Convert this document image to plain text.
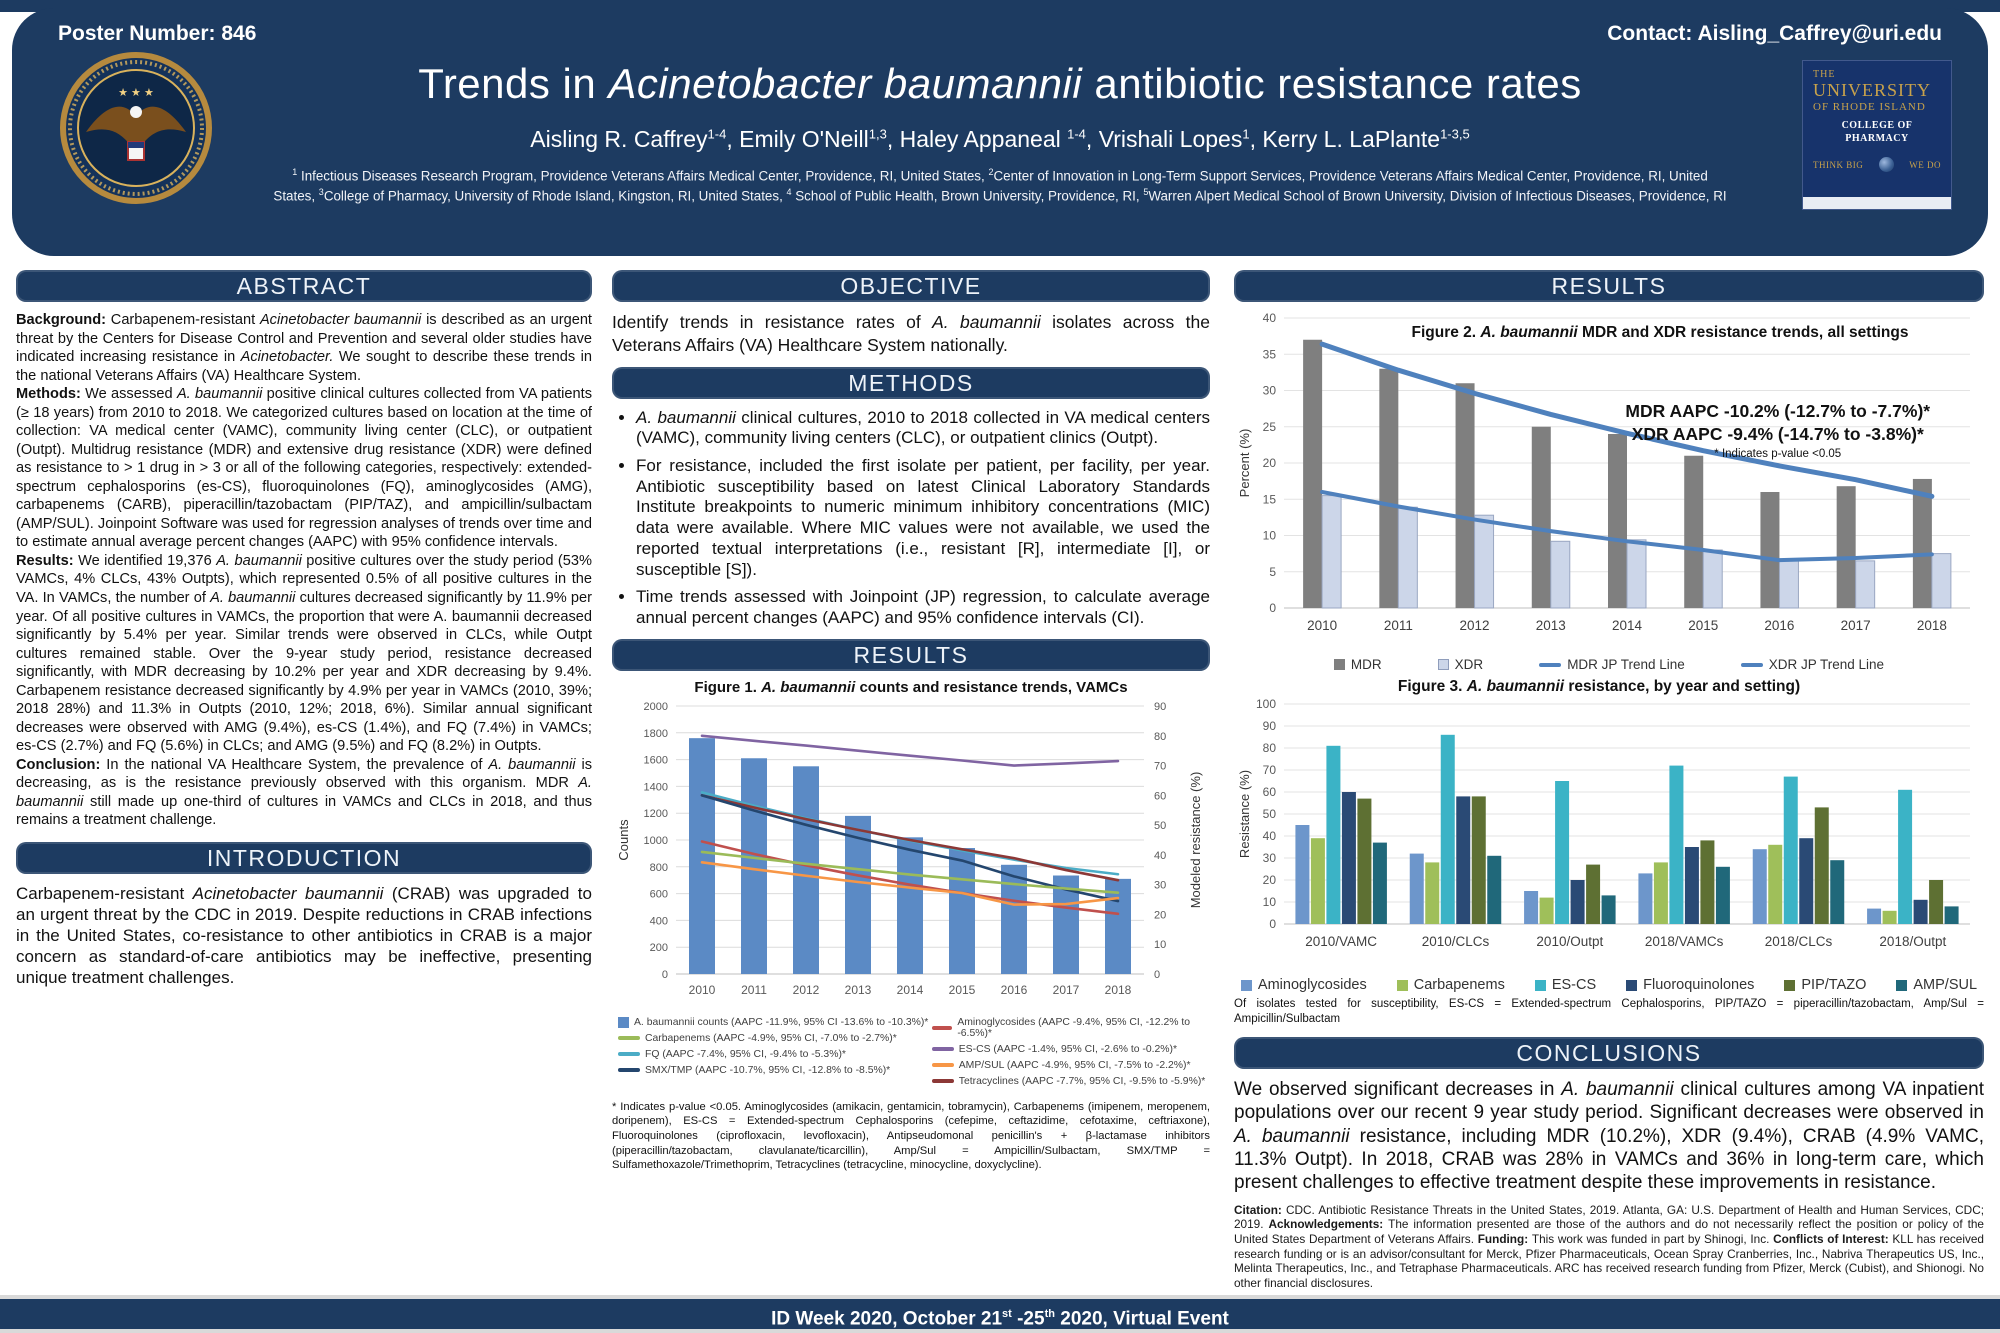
Poster Number: 846	Contact: Aisling_Caffrey@uri.edu
★ ★ ★	Trends in Acinetobacter baumannii antibiotic resistance rates
Aisling R. Caffrey$^{1-4}$, Emily O'Neill$^{1,3}$, Haley Appaneal $^{1-4}$, Vrishali Lopes$^1$, Kerry L. LaPlante$^{1-3,5}$
$^1$ Infectious Diseases Research Program, Providence Veterans Affairs Medical Center, Providence, RI, United States, $^2$Center of Innovation in Long-Term Support Services, Providence Veterans Affairs Medical Center, Providence, RI, United States, $^3$College of Pharmacy, University of Rhode Island, Kingston, RI, United States, $^4$ School of Public Health, Brown University, Providence, RI, $^5$Warren Alpert Medical School of Brown University, Division of Infectious Diseases, Providence, RI
THE
UNIVERSITY
OF RHODE ISLAND
COLLEGE OF PHARMACY
THINK BIG	WE DO
ABSTRACT

Background: Carbapenem-resistant Acinetobacter baumannii is described as an urgent threat by the Centers for Disease Control and Prevention and several older studies have indicated increasing resistance in Acinetobacter. We sought to describe these trends in the national Veterans Affairs (VA) Healthcare System.

Methods: We assessed A. baumannii positive clinical cultures collected from VA patients (≥ 18 years) from 2010 to 2018. We categorized cultures based on location at the time of collection: VA medical center (VAMC), community living center (CLC), or outpatient (Outpt). Multidrug resistance (MDR) and extensive drug resistance (XDR) were defined as resistance to > 1 drug in > 3 or all of the following categories, respectively: extended-spectrum cephalosporins (es-CS), fluoroquinolones (FQ), aminoglycosides (AMG), carbapenems (CARB), piperacillin/tazobactam (PIP/TAZ), and ampicillin/sulbactam (AMP/SUL). Joinpoint Software was used for regression analyses of trends over time and to estimate annual average percent changes (AAPC) with 95% confidence intervals.

Results: We identified 19,376 A. baumannii positive cultures over the study period (53% VAMCs, 4% CLCs, 43% Outpts), which represented 0.5% of all positive cultures in the VA. In VAMCs, the number of A. baumannii cultures decreased significantly by 11.9% per year. Of all positive cultures in VAMCs, the proportion that were A. baumannii decreased significantly by 5.4% per year. Similar trends were observed in CLCs, while Outpt cultures remained stable. Over the 9-year study period, resistance decreased significantly, with MDR decreasing by 10.2% per year and XDR decreasing by 9.4%. Carbapenem resistance decreased significantly by 4.9% per year in VAMCs (2010, 39%; 2018 28%) and 11.3% in Outpts (2010, 12%; 2018, 6%). Similar annual significant decreases were observed with AMG (9.4%), es-CS (1.4%), and FQ (7.4%) in VAMCs; es-CS (2.7%) and FQ (5.6%) in CLCs; and AMG (9.5%) and FQ (8.2%) in Outpts.

Conclusion: In the national VA Healthcare System, the prevalence of A. baumannii is decreasing, as is the resistance previously observed with this organism. MDR A. baumannii still made up one-third of cultures in VAMCs and CLCs in 2018, and thus remains a treatment challenge.

INTRODUCTION
Carbapenem-resistant Acinetobacter baumannii (CRAB) was upgraded to an urgent threat by the CDC in 2019. Despite reductions in CRAB infections in the United States, co-resistance to other antibiotics in CRAB is a major concern as standard-of-care antibiotics may be ineffective, presenting unique treatment challenges.
OBJECTIVE
Identify trends in resistance rates of A. baumannii isolates across the Veterans Affairs (VA) Healthcare System nationally.
METHODS
• A. baumannii clinical cultures, 2010 to 2018 collected in VA medical centers (VAMC), community living centers (CLC), or outpatient clinics (Outpt).
• For resistance, included the first isolate per patient, per facility, per year. Antibiotic susceptibility based on latest Clinical Laboratory Standards Institute breakpoints to numeric minimum inhibitory concentrations (MIC) data were available. Where MIC values were not available, we used the reported textual interpretations (i.e., resistant [R], intermediate [I], or susceptible [S]).
• Time trends assessed with Joinpoint (JP) regression, to calculate average annual percent changes (AAPC) and 95% confidence intervals (CI).
RESULTS
Figure 1. A. baumannii counts and resistance trends, VAMCs
0
200
400
600
800
1000
1200
1400
1600
1800
2000
0
10
20
30
40
50
60
70
80
90
2010 2011 2012 2013 2014 2015 2016 2017 2018
Counts	Modeled resistance (%)
A. baumannii counts (AAPC -11.9%, 95% CI -13.6% to -10.3%)*
Carbapenems (AAPC -4.9%, 95% CI, -7.0% to -2.7%)*
FQ (AAPC -7.4%, 95% CI, -9.4% to -5.3%)*
SMX/TMP (AAPC -10.7%, 95% CI, -12.8% to -8.5%)*
Aminoglycosides (AAPC -9.4%, 95% CI, -12.2% to -6.5%)*
ES-CS (AAPC -1.4%, 95% CI, -2.6% to -0.2%)*
AMP/SUL (AAPC -4.9%, 95% CI, -7.5% to -2.2%)*
Tetracyclines (AAPC -7.7%, 95% CI, -9.5% to -5.9%)*
* Indicates p-value <0.05. Aminoglycosides (amikacin, gentamicin, tobramycin), Carbapenems (imipenem, meropenem, doripenem), ES-CS = Extended-spectrum Cephalosporins (cefepime, ceftazidime, cefotaxime, ceftriaxone), Fluoroquinolones (ciprofloxacin, levofloxacin), Antipseudomonal penicillin's + β-lactamase inhibitors (piperacillin/tazobactam, clavulanate/ticarcillin), Amp/Sul = Ampicillin/Sulbactam, SMX/TMP = Sulfamethoxazole/Trimethoprim, Tetracyclines (tetracycline, minocycline, doxyclycline).
RESULTS
0
5
10
15
20
25
30
35
40
2010	2011	2012	2013	2014	2015	2016	2017	2018
Percent (%)
Figure 2. A. baumannii MDR and XDR resistance trends, all settings
MDR AAPC -10.2% (-12.7% to -7.7%)*
XDR AAPC -9.4% (-14.7% to -3.8%)*
* Indicates p-value <0.05
MDR	XDR	MDR JP Trend Line	XDR JP Trend Line
0
10
20
30
40
50
60
70
80
90
100
2010/VAMC	2010/CLCs	2010/Outpt	2018/VAMCs	2018/CLCs	2018/Outpt
Resistance (%)
Figure 3. A. baumannii resistance, by year and setting)
Aminoglycosides	Carbapenems	ES-CS	Fluoroquinolones	PIP/TAZO	AMP/SUL
Of isolates tested for susceptibility, ES-CS = Extended-spectrum Cephalosporins, PIP/TAZO = piperacillin/tazobactam, Amp/Sul = Ampicillin/Sulbactam
CONCLUSIONS
We observed significant decreases in A. baumannii clinical cultures among VA inpatient populations over our recent 9 year study period. Significant decreases were observed in A. baumannii resistance, including MDR (10.2%), XDR (9.4%), CRAB (4.9% VAMC, 11.3% Outpt). In 2018, CRAB was 28% in VAMCs and 36% in long-term care, which present challenges to effective treatment despite these improvements in resistance.
Citation: CDC. Antibiotic Resistance Threats in the United States, 2019. Atlanta, GA: U.S. Department of Health and Human Services, CDC; 2019. Acknowledgements: The information presented are those of the authors and do not necessarily reflect the position or policy of the United States Department of Veterans Affairs. Funding: This work was funded in part by Shinogi, Inc. Conflicts of Interest: KLL has received research funding or is an advisor/consultant for Merck, Pfizer Pharmaceuticals, Ocean Spray Cranberries, Inc., Nabriva Therapeutics US, Inc., Melinta Therapeutics, Inc., and Tetraphase Pharmaceuticals. ARC has received research funding from Pfizer, Merck (Cubist), and Shionogi. No other financial disclosures.
ID Week 2020, October 21st -25th 2020, Virtual Event
